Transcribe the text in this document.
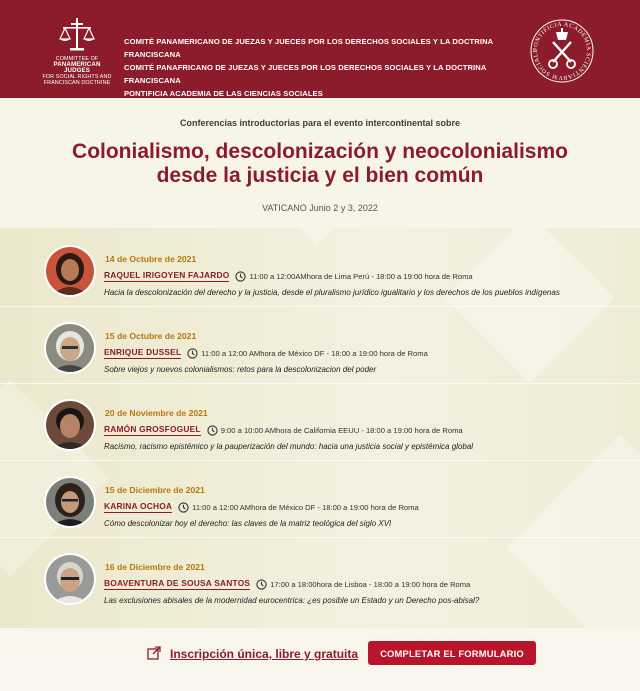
COMMITTEE OF
PANAMERICAN JUDGES
FOR SOCIAL RIGHTS AND
FRANCISCAN DOCTRINE
COMITÉ PANAMERICANO DE JUEZAS Y JUECES POR LOS DERECHOS SOCIALES Y LA DOCTRINA FRANCISCANA
COMITÉ PANAFRICANO DE JUEZAS Y JUECES POR LOS DERECHOS SOCIALES Y LA DOCTRINA FRANCISCANA
PONTIFICIA ACADEMIA DE LAS CIENCIAS SOCIALES
PONTIFICIA ACADEMIA SCIENTIARVM SOCIALI
Conferencias introductorias para el evento intercontinental sobre
Colonialismo, descolonización y neocolonialismo
desde la justicia y el bien común
VATICANO Junio 2 y 3, 2022
14 de Octubre de 2021
RAQUEL IRIGOYEN FAJARDO	11:00 a 12:00AM hora de Lima Perú - 18:00 a 19:00 hora de Roma
Hacia la descolonización del derecho y la justicia, desde el pluralismo jurídico igualitario y los derechos de los pueblos indígenas
15 de Octubre de 2021
ENRIQUE DUSSEL	11:00 a 12:00 AM hora de México DF - 18:00 a 19:00 hora de Roma
Sobre viejos y nuevos colonialismos: retos para la descolonizacion del poder
20 de Noviembre de 2021
RAMÓN GROSFOGUEL	9:00 a 10:00 AM hora de California EEUU - 18:00 a 19:00 hora de Roma
Racismo, racismo epistémico y la pauperización del mundo: hacia una justicia social y epistémica global
15 de Diciembre de 2021
KARINA OCHOA	11:00 a 12:00 AM hora de México DF - 18:00 a 19:00 hora de Roma
Cómo descolonizar hoy el derecho: las claves de la matriz teológica del siglo XVI
16 de Diciembre de 2021
BOAVENTURA DE SOUSA SANTOS	17:00 a 18:00 hora de Lisboa - 18:00 a 19:00 hora de Roma
Las exclusiones abisales de la modernidad eurocentrica: ¿es posible un Estado y un Derecho pos-abisal?
Inscripción única, libre y gratuita	COMPLETAR EL FORMULARIO
